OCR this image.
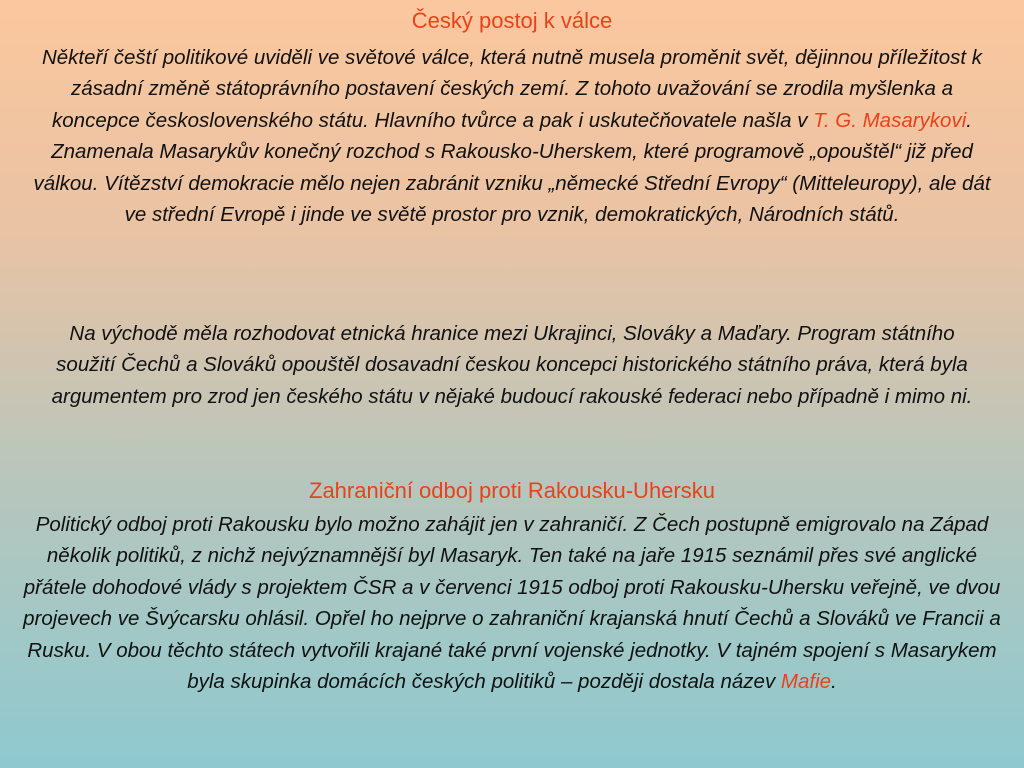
Český postoj k válce

Někteří čeští politikové uviděli ve světové válce, která nutně musela proměnit svět, dějinnou příležitost k zásadní změně státoprávního postavení českých zemí. Z tohoto uvažování se zrodila myšlenka a koncepce československého státu. Hlavního tvůrce a pak i uskutečňovatele našla v T. G. Masarykovi. Znamenala Masarykův konečný rozchod s Rakousko-Uherskem, které programově „opouštěl“ již před válkou. Vítězství demokracie mělo nejen zabránit vzniku „německé Střední Evropy“ (Mitteleuropy), ale dát ve střední Evropě i jinde ve světě prostor pro vznik, demokratických, Národních států.

Na východě měla rozhodovat etnická hranice mezi Ukrajinci, Slováky a Maďary. Program státního soužití Čechů a Slováků opouštěl dosavadní českou koncepci historického státního práva, která byla argumentem pro zrod jen českého státu v nějaké budoucí rakouské federaci nebo případně i mimo ni.

Zahraniční odboj proti Rakousku-Uhersku

Politický odboj proti Rakousku bylo možno zahájit jen v zahraničí. Z Čech postupně emigrovalo na Západ několik politiků, z nichž nejvýznamnější byl Masaryk. Ten také na jaře 1915 seznámil přes své anglické přátele dohodové vlády s projektem ČSR a v červenci 1915 odboj proti Rakousku-Uhersku veřejně, ve dvou projevech ve Švýcarsku ohlásil. Opřel ho nejprve o zahraniční krajanská hnutí Čechů a Slováků ve Francii a Rusku. V obou těchto státech vytvořili krajané také první vojenské jednotky. V tajném spojení s Masarykem byla skupinka domácích českých politiků – později dostala název Mafie.
